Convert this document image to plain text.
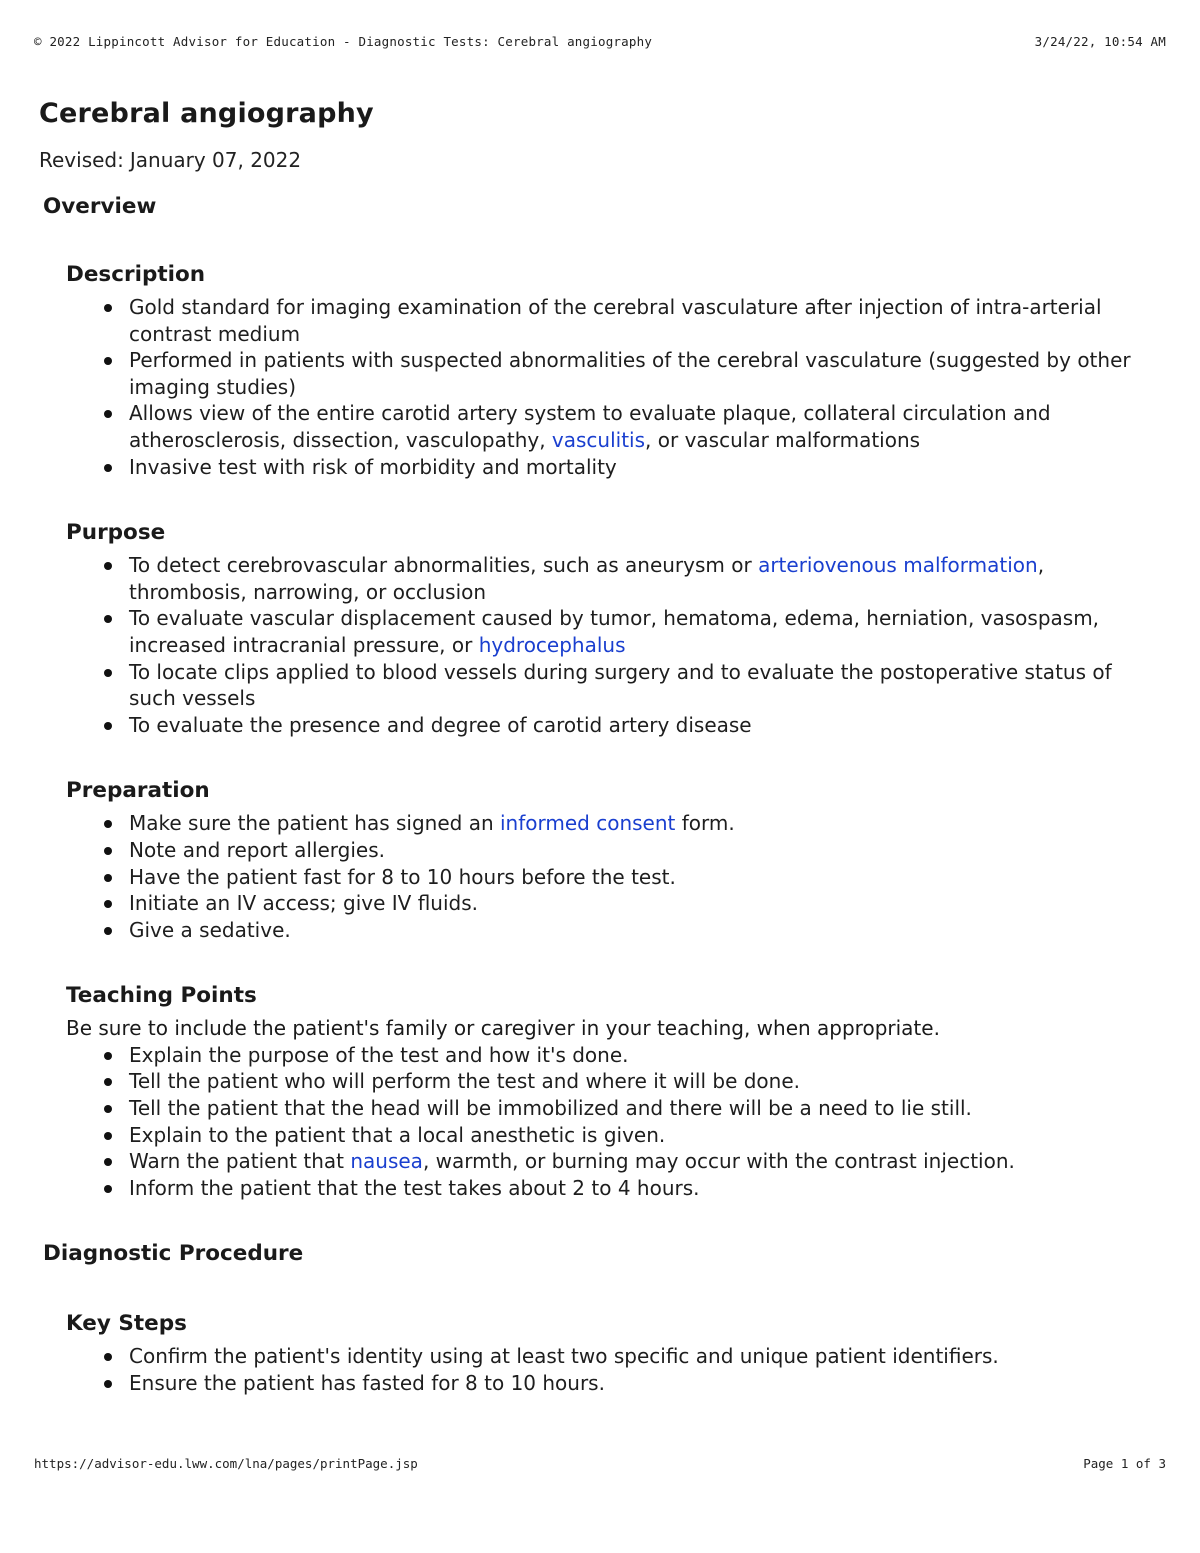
© 2022 Lippincott Advisor for Education - Diagnostic Tests: Cerebral angiography	3/24/22, 10:54 AM
Cerebral angiography
Revised: January 07, 2022
Overview
Description
Gold standard for imaging examination of the cerebral vasculature after injection of intra-arterial contrast medium
Performed in patients with suspected abnormalities of the cerebral vasculature (suggested by other imaging studies)
Allows view of the entire carotid artery system to evaluate plaque, collateral circulation and atherosclerosis, dissection, vasculopathy, vasculitis, or vascular malformations
Invasive test with risk of morbidity and mortality
Purpose
To detect cerebrovascular abnormalities, such as aneurysm or arteriovenous malformation, thrombosis, narrowing, or occlusion
To evaluate vascular displacement caused by tumor, hematoma, edema, herniation, vasospasm, increased intracranial pressure, or hydrocephalus
To locate clips applied to blood vessels during surgery and to evaluate the postoperative status of such vessels
To evaluate the presence and degree of carotid artery disease
Preparation
Make sure the patient has signed an informed consent form.
Note and report allergies.
Have the patient fast for 8 to 10 hours before the test.
Initiate an IV access; give IV fluids.
Give a sedative.
Teaching Points
Be sure to include the patient's family or caregiver in your teaching, when appropriate.
Explain the purpose of the test and how it's done.
Tell the patient who will perform the test and where it will be done.
Tell the patient that the head will be immobilized and there will be a need to lie still.
Explain to the patient that a local anesthetic is given.
Warn the patient that nausea, warmth, or burning may occur with the contrast injection.
Inform the patient that the test takes about 2 to 4 hours.
Diagnostic Procedure
Key Steps
Confirm the patient's identity using at least two specific and unique patient identifiers.
Ensure the patient has fasted for 8 to 10 hours.
https://advisor-edu.lww.com/lna/pages/printPage.jsp	Page 1 of 3
